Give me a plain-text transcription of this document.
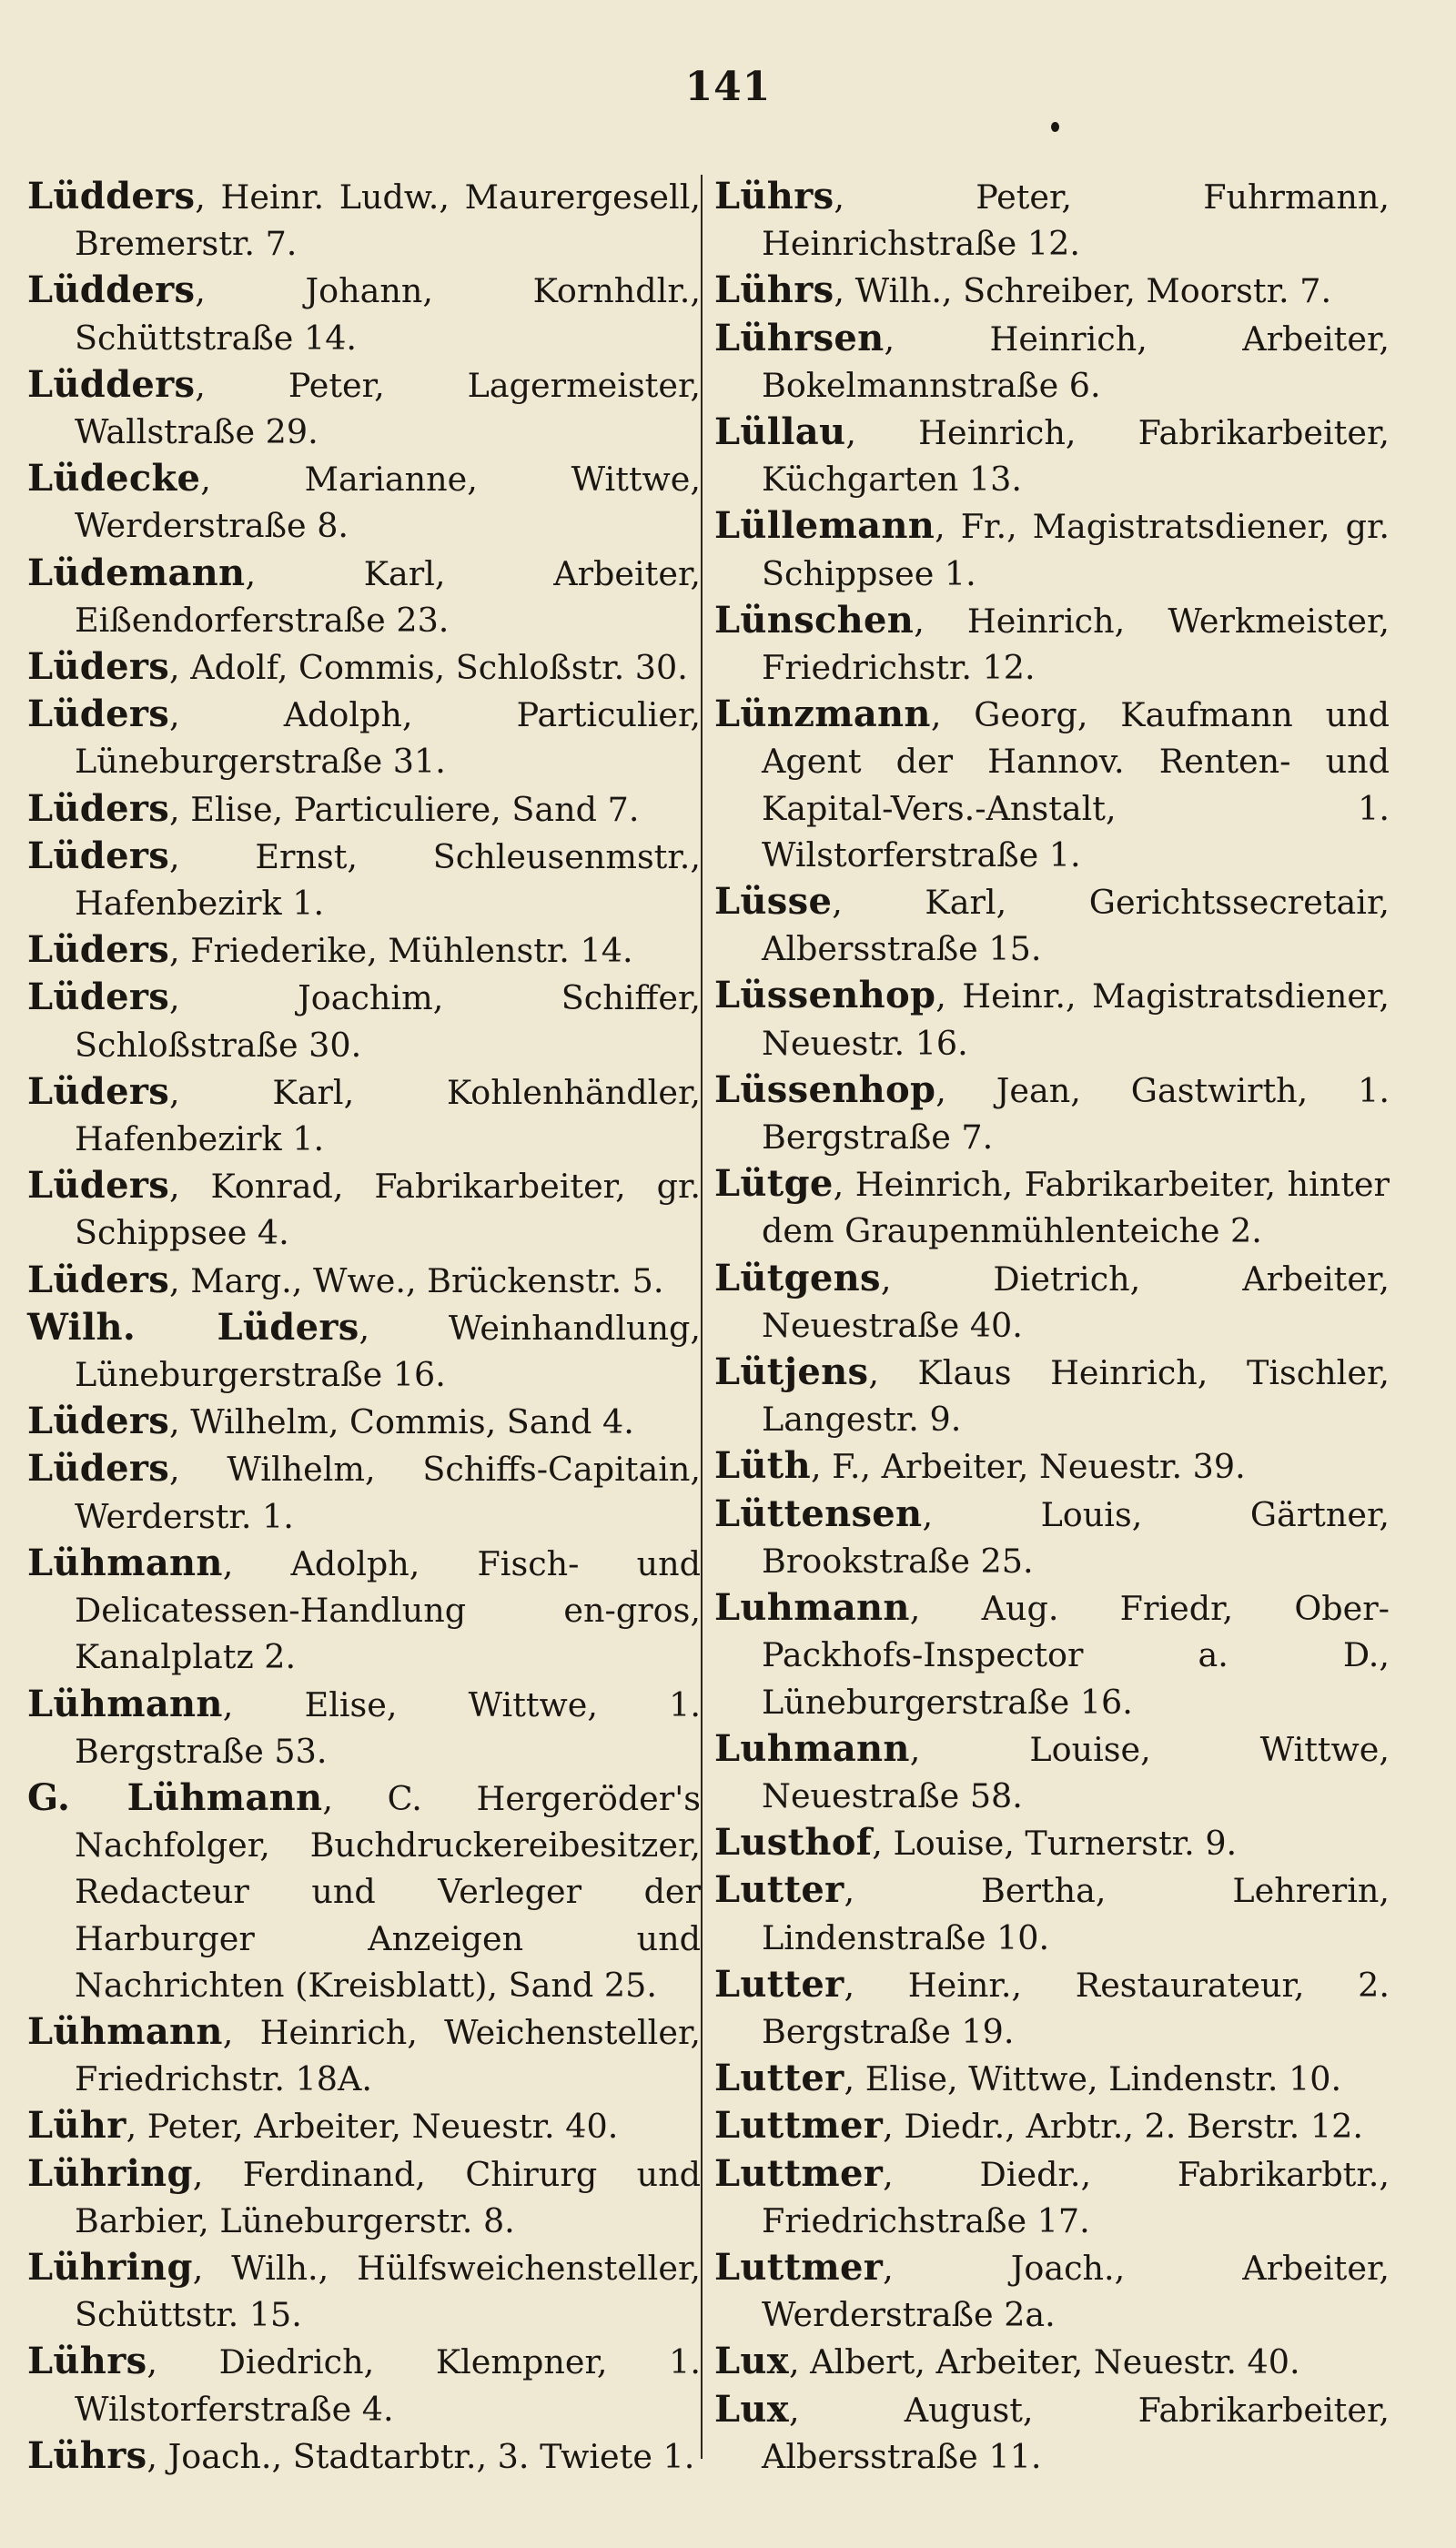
141
Lüdders, Heinr. Ludw., Maurergesell, Bremerstr. 7.
Lüdders, Johann, Kornhdlr., Schüttstraße 14.
Lüdders, Peter, Lagermeister, Wallstraße 29.
Lüdecke, Marianne, Wittwe, Werderstraße 8.
Lüdemann, Karl, Arbeiter, Eißendorferstraße 23.
Lüders, Adolf, Commis, Schloßstr. 30.
Lüders, Adolph, Particulier, Lüneburgerstraße 31.
Lüders, Elise, Particuliere, Sand 7.
Lüders, Ernst, Schleusenmstr., Hafenbezirk 1.
Lüders, Friederike, Mühlenstr. 14.
Lüders, Joachim, Schiffer, Schloßstraße 30.
Lüders, Karl, Kohlenhändler, Hafenbezirk 1.
Lüders, Konrad, Fabrikarbeiter, gr. Schippsee 4.
Lüders, Marg., Wwe., Brückenstr. 5.
Wilh. Lüders, Weinhandlung, Lüneburgerstraße 16.
Lüders, Wilhelm, Commis, Sand 4.
Lüders, Wilhelm, Schiffs-Capitain, Werderstr. 1.
Lühmann, Adolph, Fisch- und Delicatessen-Handlung en-gros, Kanalplatz 2.
Lühmann, Elise, Wittwe, 1. Bergstraße 53.
G. Lühmann, C. Hergeröder's Nachfolger, Buchdruckereibesitzer, Redacteur und Verleger der Harburger Anzeigen und Nachrichten (Kreisblatt), Sand 25.
Lühmann, Heinrich, Weichensteller, Friedrichstr. 18A.
Lühr, Peter, Arbeiter, Neuestr. 40.
Lühring, Ferdinand, Chirurg und Barbier, Lüneburgerstr. 8.
Lühring, Wilh., Hülfsweichensteller, Schüttstr. 15.
Lührs, Diedrich, Klempner, 1. Wilstorferstraße 4.
Lührs, Joach., Stadtarbtr., 3. Twiete 1.
Lührs, Peter, Fuhrmann, Heinrichstraße 12.
Lührs, Wilh., Schreiber, Moorstr. 7.
Lührsen, Heinrich, Arbeiter, Bokelmannstraße 6.
Lüllau, Heinrich, Fabrikarbeiter, Küchgarten 13.
Lüllemann, Fr., Magistratsdiener, gr. Schippsee 1.
Lünschen, Heinrich, Werkmeister, Friedrichstr. 12.
Lünzmann, Georg, Kaufmann und Agent der Hannov. Renten- und Kapital-Vers.-Anstalt, 1. Wilstorferstraße 1.
Lüsse, Karl, Gerichtssecretair, Albersstraße 15.
Lüssenhop, Heinr., Magistratsdiener, Neuestr. 16.
Lüssenhop, Jean, Gastwirth, 1. Bergstraße 7.
Lütge, Heinrich, Fabrikarbeiter, hinter dem Graupenmühlenteiche 2.
Lütgens, Dietrich, Arbeiter, Neuestraße 40.
Lütjens, Klaus Heinrich, Tischler, Langestr. 9.
Lüth, F., Arbeiter, Neuestr. 39.
Lüttensen, Louis, Gärtner, Brookstraße 25.
Luhmann, Aug. Friedr, Ober-Packhofs-Inspector a. D., Lüneburgerstraße 16.
Luhmann, Louise, Wittwe, Neuestraße 58.
Lusthof, Louise, Turnerstr. 9.
Lutter, Bertha, Lehrerin, Lindenstraße 10.
Lutter, Heinr., Restaurateur, 2. Bergstraße 19.
Lutter, Elise, Wittwe, Lindenstr. 10.
Luttmer, Diedr., Arbtr., 2. Berstr. 12.
Luttmer, Diedr., Fabrikarbtr., Friedrichstraße 17.
Luttmer, Joach., Arbeiter, Werderstraße 2a.
Lux, Albert, Arbeiter, Neuestr. 40.
Lux, August, Fabrikarbeiter, Albersstraße 11.
